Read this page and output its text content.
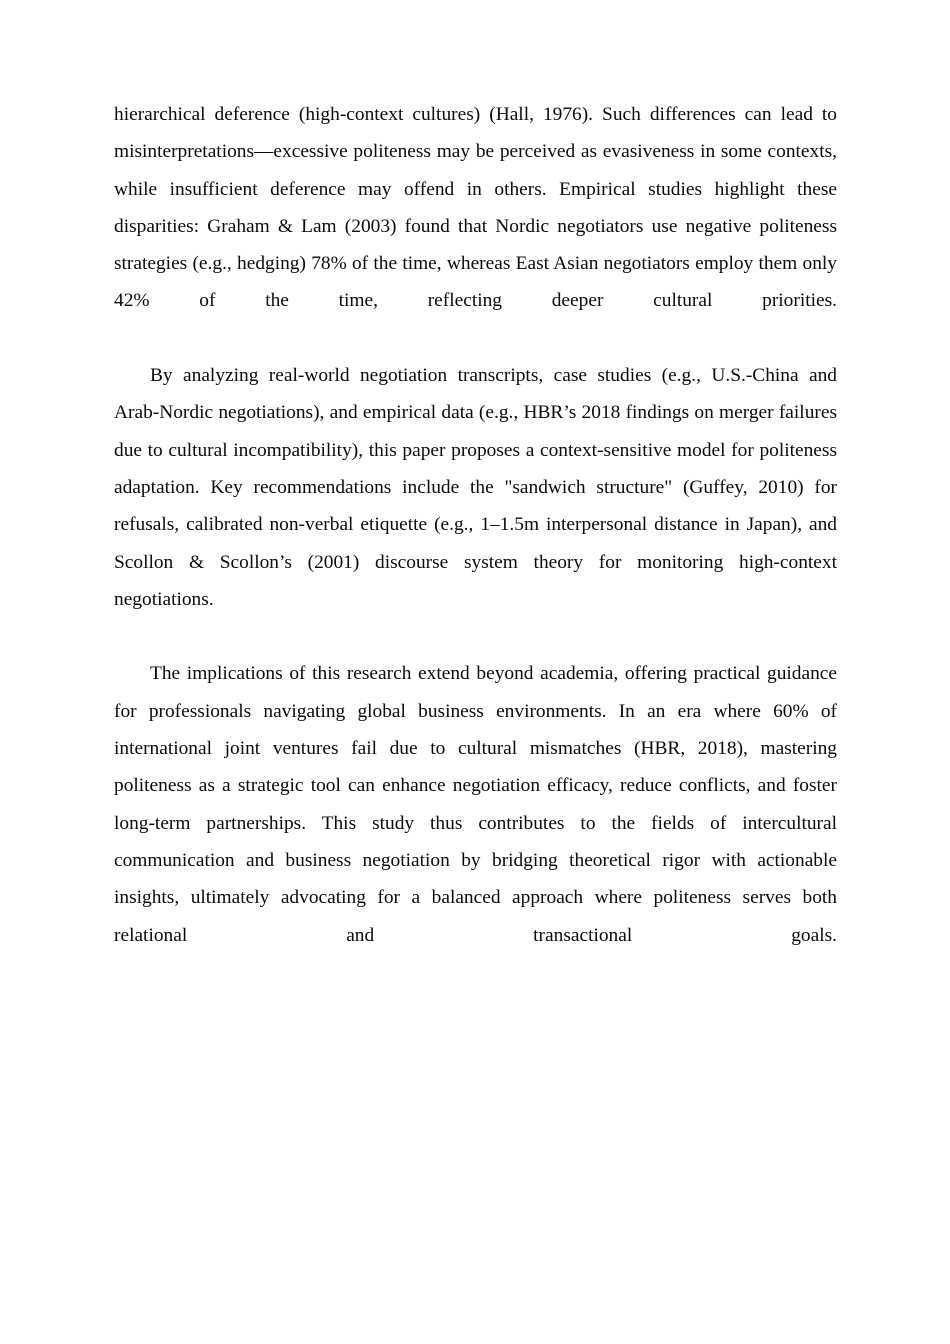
hierarchical deference (high-context cultures) (Hall, 1976). Such differences can lead to misinterpretations—excessive politeness may be perceived as evasiveness in some contexts, while insufficient deference may offend in others. Empirical studies highlight these disparities: Graham & Lam (2003) found that Nordic negotiators use negative politeness strategies (e.g., hedging) 78% of the time, whereas East Asian negotiators employ them only 42% of the time, reflecting deeper cultural priorities.

By analyzing real-world negotiation transcripts, case studies (e.g., U.S.-China and Arab-Nordic negotiations), and empirical data (e.g., HBR’s 2018 findings on merger failures due to cultural incompatibility), this paper proposes a context-sensitive model for politeness adaptation. Key recommendations include the "sandwich structure" (Guffey, 2010) for refusals, calibrated non-verbal etiquette (e.g., 1–1.5m interpersonal distance in Japan), and Scollon & Scollon’s (2001) discourse system theory for monitoring high-context negotiations.

The implications of this research extend beyond academia, offering practical guidance for professionals navigating global business environments. In an era where 60% of international joint ventures fail due to cultural mismatches (HBR, 2018), mastering politeness as a strategic tool can enhance negotiation efficacy, reduce conflicts, and foster long-term partnerships. This study thus contributes to the fields of intercultural communication and business negotiation by bridging theoretical rigor with actionable insights, ultimately advocating for a balanced approach where politeness serves both relational and transactional goals.
